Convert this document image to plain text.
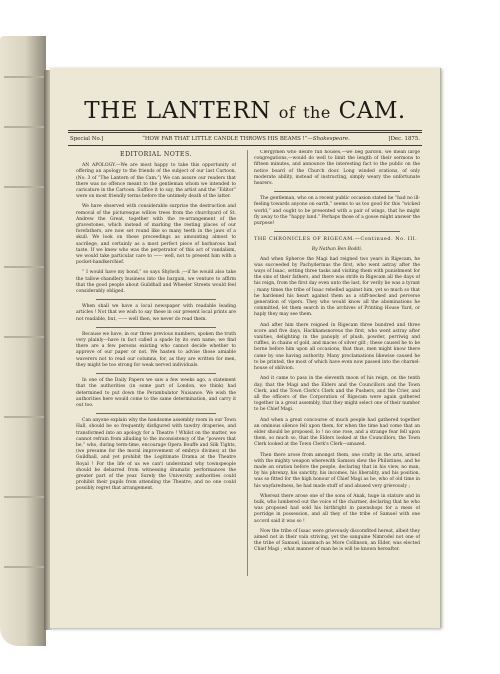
THE LANTERN of the CAM.
Special No.]	“HOW FAR THAT LITTLE CANDLE THROWS HIS BEAMS !”—Shakespeare.	[Dec. 1875.

EDITORIAL NOTES.

AN APOLOGY.—We are most happy to take this opportunity of offering an apology to the friends of the subject of our last Cartoon, (No. 3 of “The Lantern of the Cam.”) We can assure our readers that there was no offence meant to the gentleman whom we intended to caricature in the Cartoon. Suffice it to say, the artist and the “Editor” were on most friendly terms before the untimely death of the latter.

We have observed with considerable surprise the destruction and removal of the picturesque willow trees from the churchyard of St. Andrew the Great, together with the re-arrangement of the gravestones, which instead of marking the resting places of our forefathers, are now set round like so many teeth in the jaws of a skull. We look on these proceedings as amounting almost to sacrilege, and certainly as a most perfect piece of barbarous bad taste. If we knew who was the perpetrator of this act of vandalism, we would take particular care to —— well, not to present him with a pocket-handkerchief.

“ I would have my bond,” so says Shylock ;—if he would also take the tallow-chandlery business into the bargain, we venture to affirm that the good people about Guildhall and Wheeler Streets would feel considerably obliged.

When shall we have a local newspaper with readable leading articles ! Not that we wish to say these in our present local prints are not readable, but, —— well then, we never do read them.

Because we have, in our three previous numbers, spoken the truth very plainly—have in fact called a spade by its own name, we find there are a few persons existing who cannot decide whether to approve of our paper or not. We hasten to advise those amiable waverers not to read our columns, for, as they are written for men, they might be too strong for weak nerved individuals.

In one of the Daily Papers we saw a few weeks ago, a statement that the authorities (in some part of London, we think) had determined to put down the Perambulator Nuisance. We wish the authorities here would come to the same determination, and carry it out too.

Can anyone explain why the handsome assembly room in our Town Hall, should be so frequently disfigured with tawdry draperies, and transformed into an apology for a Theatre ! Whilst on the matter, we cannot refrain from alluding to the inconsistency of the “powers that be,” who, during term-time, encourage Opera Bouffe and Silk Tights, (we presume for the moral improvement of embryo divines) at the Guildhall, and yet prohibit the Legitimate Drama at the Theatre Royal ! For the life of us we can't understand why townspeople should be debarred from witnessing dramatic performances the greater part of the year. Surely the University authorities could prohibit their pupils from attending the Theatre, and no one could possibly regret that arrangement.

Clergymen who desire full houses,—we beg pardon, we mean large congregations,—would do well to limit the length of their sermons to fifteen minutes, and announce the interesting fact to the public on the notice board of the Church door. Long winded orations, of only moderate ability, instead of instructing, simply weary the unfortunate hearers.

The gentleman, who on a recent public occasion stated he “had no ill-feeling towards anyone on earth,” seems to us too good for this “wicked world,” and ought to be presented with a pair of wings, that he might fly away to the “happy land.” Perhaps those of a goose might answer the purpose!

THE CHRONICLES OF RIGECAM.—Continued. No. III.

By Nathan Ben Boddi.

And when Spheroe the Magi had reigned two years in Rigecam, he was succeeded by Pachydermus the first, who went astray after the ways of Isaac, setting three tasks and visiting them with punishment for the sins of their fathers, and there was strife in Rigecam all the days of his reign, from the first day even unto the last, for verily he was a tyrant ; many times the tribe of Isaac rebelled against him, yet so much so that he hardened his heart against them as a stiff-necked and perverse generation of vipers. They who would know all the abominations he committed, let them search in the archives of Printing House Yard, or haply they may see them.

And after him there reigned in Rigecam three hundred and three score and five days, Hackhamsnoreus the first, who went astray after vanities, delighting in the panoply of plush, powder, perriwig and ruffles, in chains of gold, and maces of silver gilt ; these caused he to be borne before him upon all occasions, that thus, men might know there came by one having authority. Many proclamations likewise caused he to be printed, the most of which have even now passed into the charnel-house of oblivion.

And it came to pass in the eleventh moon of his reign, on the tenth day, that the Magi and the Elders and the Councillors and the Town Clerk, and the Town Clerk's Clerk and the Pushers, and the Crier, and all the officers of the Corporation of Rigecam were again gathered together in a great assembly, that they might select one of their number to be Chief Magi.

And when a great concourse of much people had gathered together an ominous silence fell upon them, for when the time had come that an elder should be proposed, lo ! no one rose, and a strange fear fell upon them, so much so, that the Elders looked at the Councillors, the Town Clerk looked at the Town Clerk's Clerk—amazed.

Then there arose from amongst them, one crafty in the arts, armed with the mighty weapon wherewith Samson slew the Philistines, and he made an oration before the people, declaring that in his view, no man, by his phrenzy, his sanctity, his incomes, his liberality, and his position, was so fitted for the high honour of Chief Magi as he, who of old time in his wayfaredness, he had made stuff of and abused very grievously ;

Whereat there arose one of the sons of Anak, huge in stature and in bulk, who lumbered out the voice of the charmer, declaring that he who was proposed had sold his birthright in pawnshops for a mess of porridge in possession, and all they of the tribe of Samuel with one accord said it was so !

Now the tribe of Isaac were grievously discomfited hereat, albeit they aimed not in their vain striving, yet the sanguine Nimrodel not one of the tribe of Samuel, inasmuch as More Collinson, an Elder, was elected Chief Magi ; what manner of man he is will be known hereafter.
